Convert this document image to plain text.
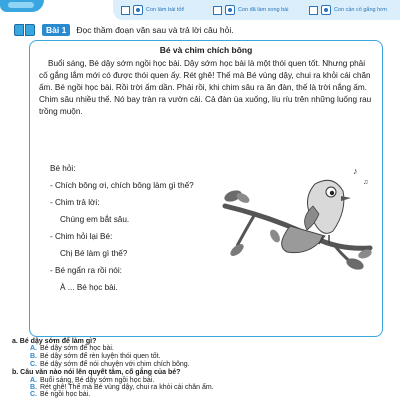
Con làm bài tốt!	Con đã làm xong bài	Con cần cố gắng hơn
Bài 1	Đọc thầm đoạn văn sau và trả lời câu hỏi.
Bé và chim chích bông

Buổi sáng, Bé dậy sớm ngồi học bài. Dậy sớm học bài là một thói quen tốt. Nhưng phải cố gắng lắm mới có được thói quen ấy. Rét ghê! Thế mà Bé vùng dậy, chui ra khỏi cái chăn ấm. Bé ngồi học bài. Rồi trời ấm dần. Phải rồi, khi chim sâu ra ăn đàn, thế là trời nắng ấm. Chim sâu nhiều thế. Nó bay tràn ra vườn cải. Cả đàn ùa xuống, líu ríu trên những luống rau trồng muộn.

Bé hỏi:
- Chích bông ơi, chích bông làm gì thế?
- Chim trả lời:
Chúng em bắt sâu.
- Chim hỏi lại Bé:
Chị Bé làm gì thế?
- Bé ngẩn ra rồi nói:
À ... Bé học bài.
♪
♫
a. Bé dậy sớm để làm gì?
A. Bé dậy sớm để học bài.
B. Bé dậy sớm để rèn luyện thói quen tốt.
C. Bé dậy sớm để nói chuyện với chim chích bông.
b. Câu văn nào nói lên quyết tâm, cố gắng của bé?
A. Buổi sáng, Bé dậy sớm ngồi học bài.
B. Rét ghê! Thế mà Bé vùng dậy, chui ra khỏi cái chăn ấm.
C. Bé ngồi học bài.
